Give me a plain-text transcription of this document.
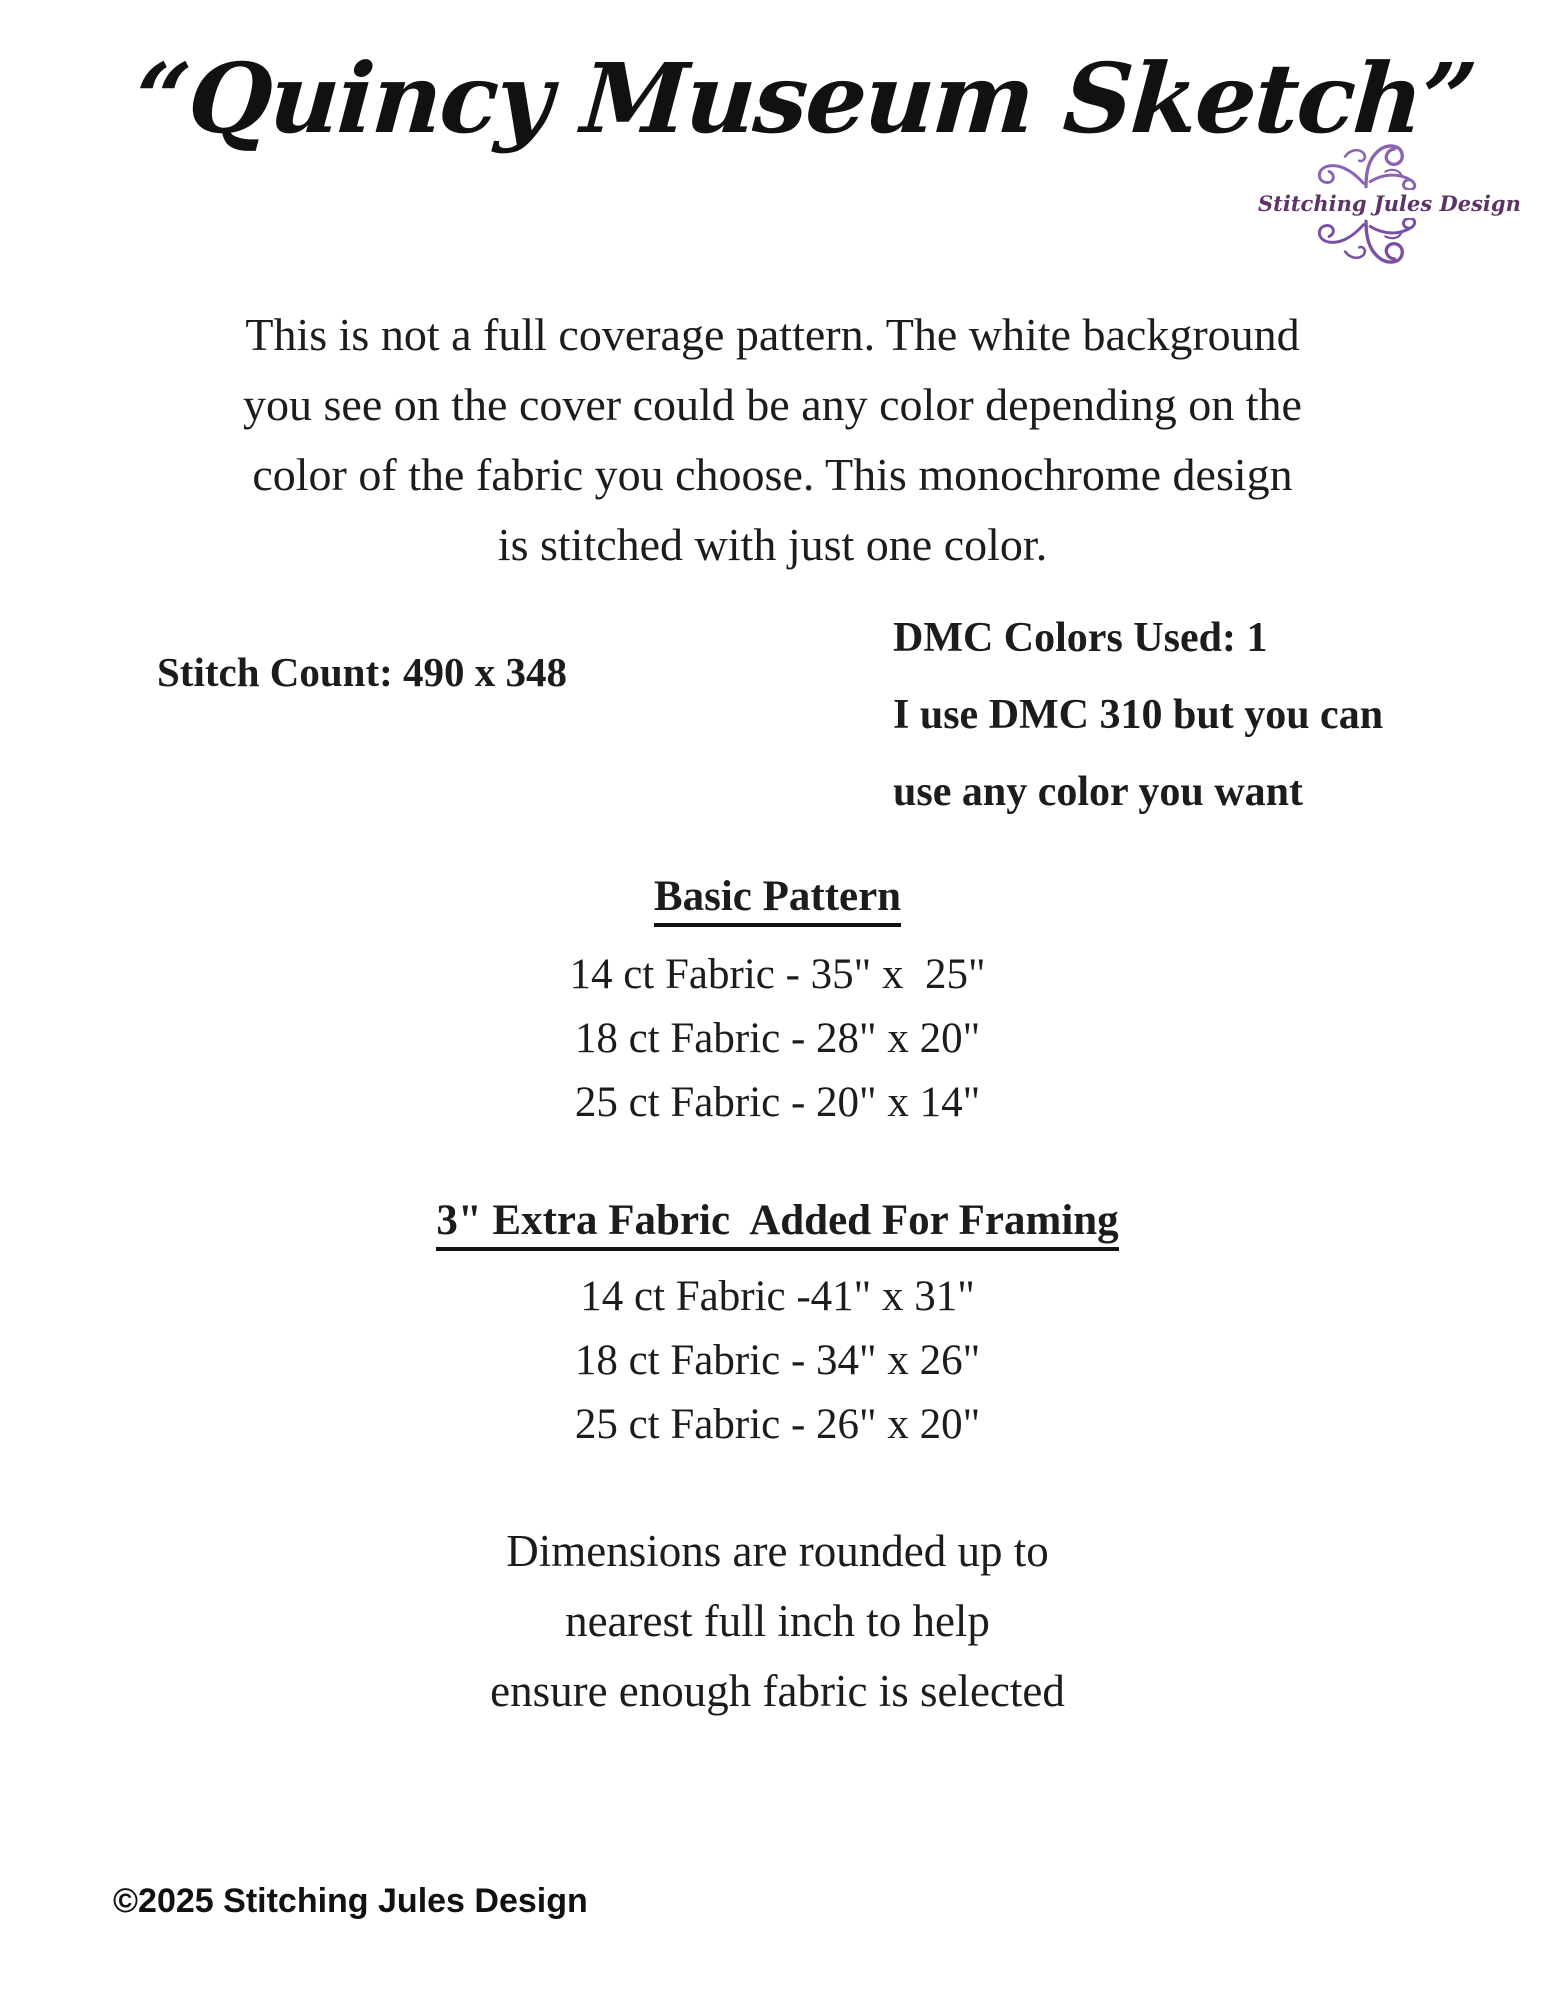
“Quincy Museum Sketch”
Stitching Jules Design
This is not a full coverage pattern. The white background
you see on the cover could be any color depending on the
color of the fabric you choose. This monochrome design
is stitched with just one color.
Stitch Count: 490 x 348
DMC Colors Used: 1
I use DMC 310 but you can
use any color you want
Basic Pattern
14 ct Fabric - 35" x  25"
18 ct Fabric - 28" x 20"
25 ct Fabric - 20" x 14"
3" Extra Fabric  Added For Framing
14 ct Fabric -41" x 31"
18 ct Fabric - 34" x 26"
25 ct Fabric - 26" x 20"
Dimensions are rounded up to
nearest full inch to help
ensure enough fabric is selected
©2025 Stitching Jules Design
